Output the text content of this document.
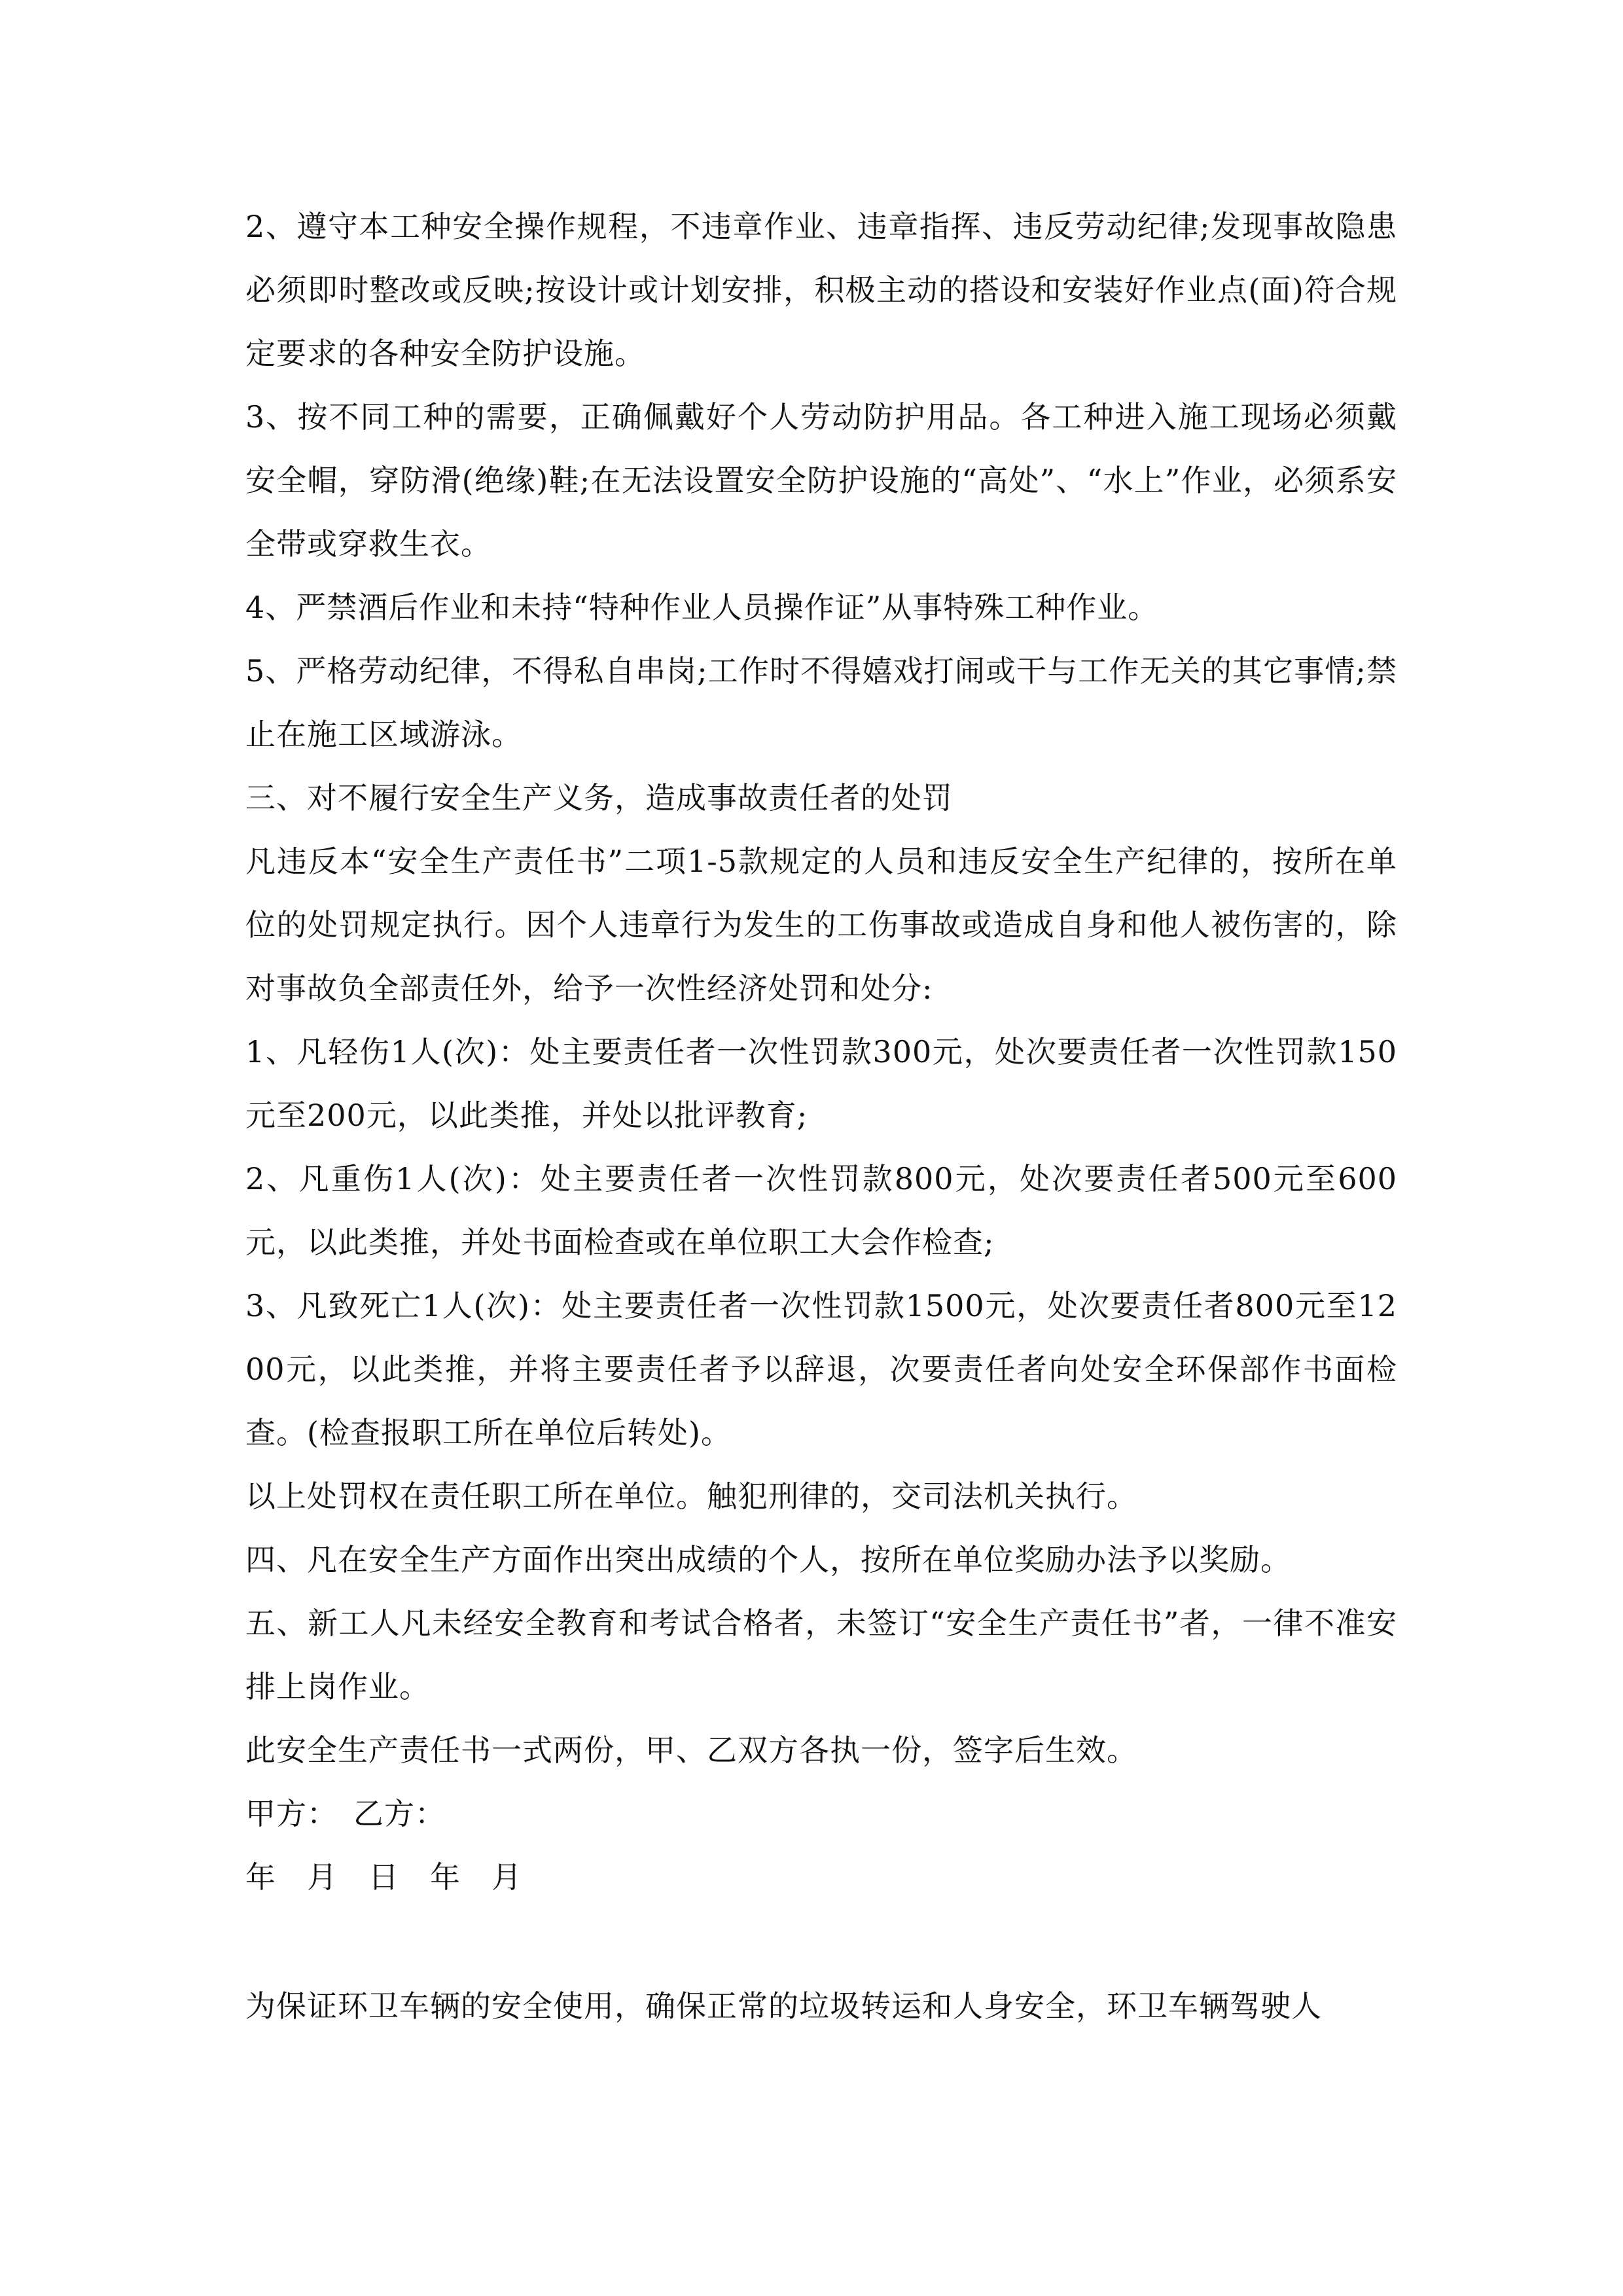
2、遵守本工种安全操作规程，不违章作业、违章指挥、违反劳动纪律;发现事故隐患必须即时整改或反映;按设计或计划安排，积极主动的搭设和安装好作业点(面)符合规定要求的各种安全防护设施。

3、按不同工种的需要，正确佩戴好个人劳动防护用品。各工种进入施工现场必须戴安全帽，穿防滑(绝缘)鞋;在无法设置安全防护设施的“高处”、“水上”作业，必须系安全带或穿救生衣。

4、严禁酒后作业和未持“特种作业人员操作证”从事特殊工种作业。

5、严格劳动纪律，不得私自串岗;工作时不得嬉戏打闹或干与工作无关的其它事情;禁止在施工区域游泳。

三、对不履行安全生产义务，造成事故责任者的处罚

凡违反本“安全生产责任书”二项1-5款规定的人员和违反安全生产纪律的，按所在单位的处罚规定执行。因个人违章行为发生的工伤事故或造成自身和他人被伤害的，除对事故负全部责任外，给予一次性经济处罚和处分:

1、凡轻伤1人(次)：处主要责任者一次性罚款300元，处次要责任者一次性罚款150元至200元，以此类推，并处以批评教育;

2、凡重伤1人(次)：处主要责任者一次性罚款800元，处次要责任者500元至600元，以此类推，并处书面检查或在单位职工大会作检查;

3、凡致死亡1人(次)：处主要责任者一次性罚款1500元，处次要责任者800元至1200元，以此类推，并将主要责任者予以辞退，次要责任者向处安全环保部作书面检查。(检查报职工所在单位后转处)。

以上处罚权在责任职工所在单位。触犯刑律的，交司法机关执行。

四、凡在安全生产方面作出突出成绩的个人，按所在单位奖励办法予以奖励。

五、新工人凡未经安全教育和考试合格者，未签订“安全生产责任书”者，一律不准安排上岗作业。

此安全生产责任书一式两份，甲、乙双方各执一份，签字后生效。

甲方：　乙方：

年　月　日　年　月

为保证环卫车辆的安全使用，确保正常的垃圾转运和人身安全，环卫车辆驾驶人
